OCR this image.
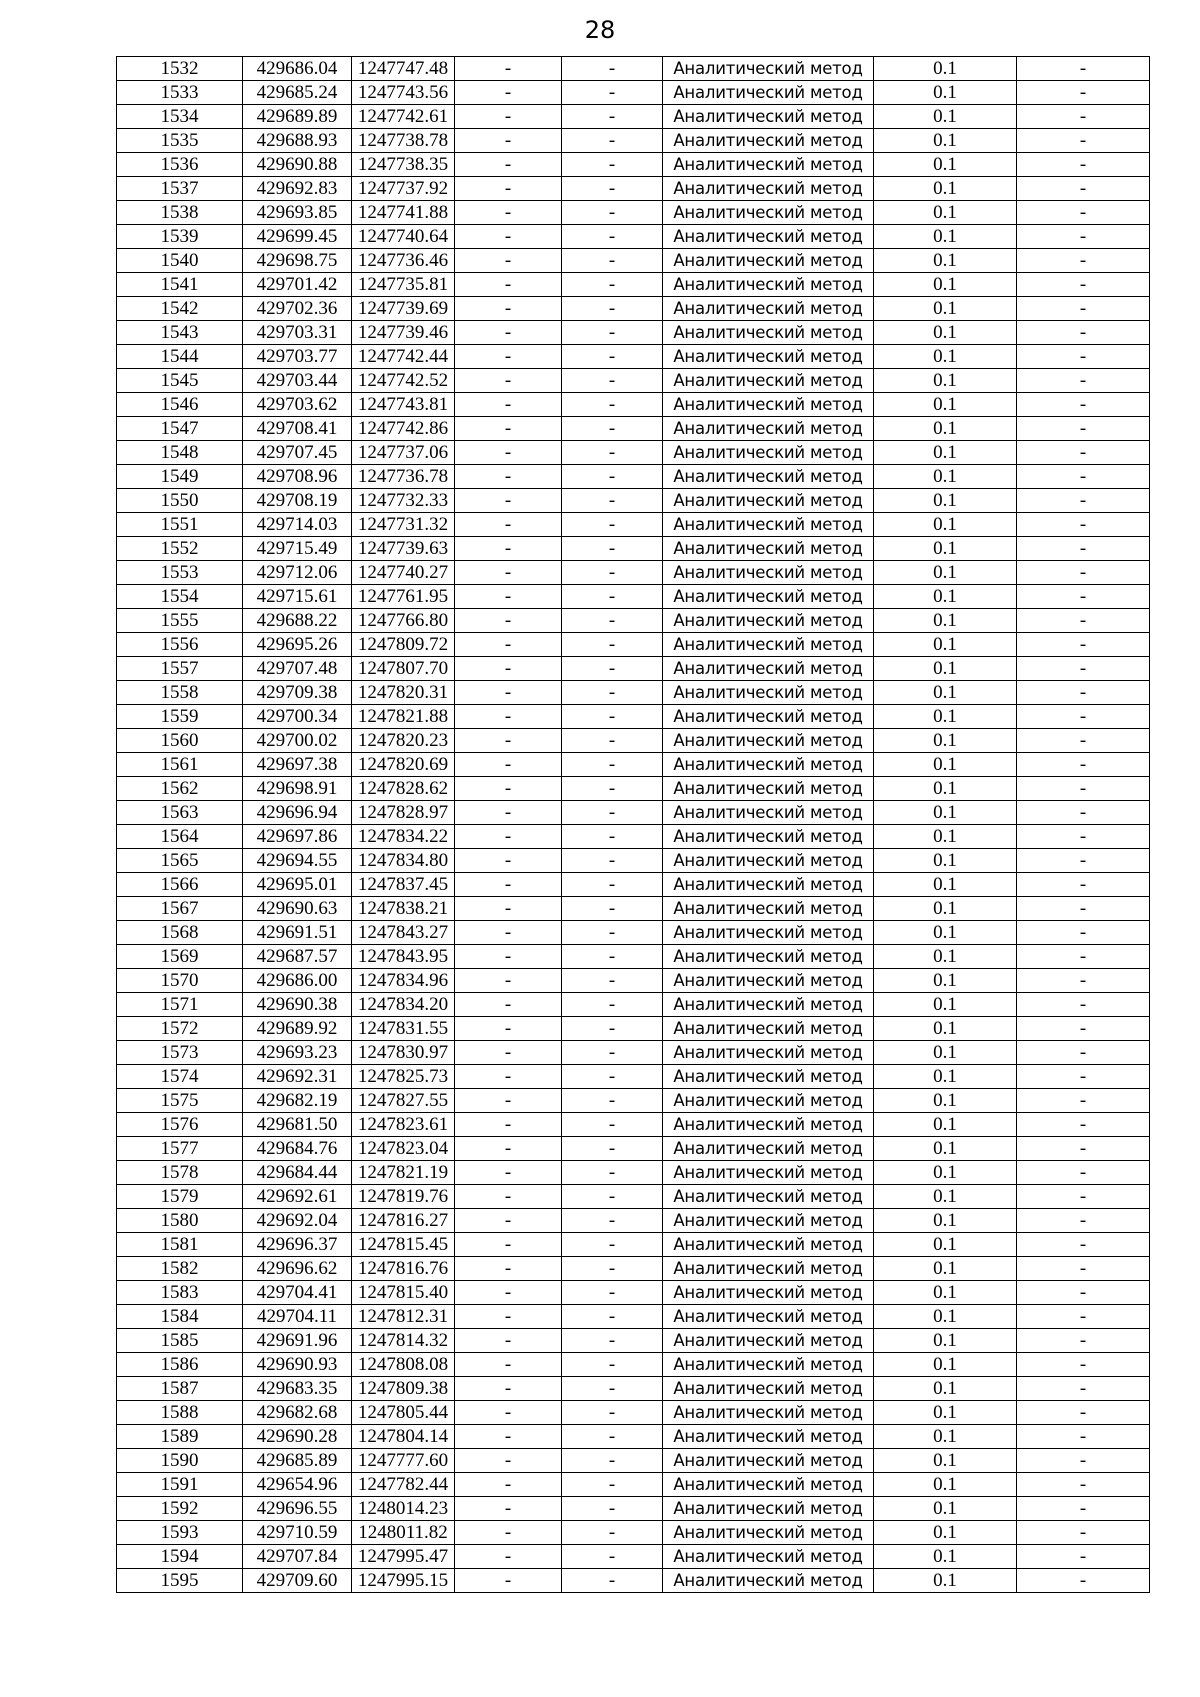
28
1532	429686.04	1247747.48	-	-	Аналитический метод	0.1	-
1533	429685.24	1247743.56	-	-	Аналитический метод	0.1	-
1534	429689.89	1247742.61	-	-	Аналитический метод	0.1	-
1535	429688.93	1247738.78	-	-	Аналитический метод	0.1	-
1536	429690.88	1247738.35	-	-	Аналитический метод	0.1	-
1537	429692.83	1247737.92	-	-	Аналитический метод	0.1	-
1538	429693.85	1247741.88	-	-	Аналитический метод	0.1	-
1539	429699.45	1247740.64	-	-	Аналитический метод	0.1	-
1540	429698.75	1247736.46	-	-	Аналитический метод	0.1	-
1541	429701.42	1247735.81	-	-	Аналитический метод	0.1	-
1542	429702.36	1247739.69	-	-	Аналитический метод	0.1	-
1543	429703.31	1247739.46	-	-	Аналитический метод	0.1	-
1544	429703.77	1247742.44	-	-	Аналитический метод	0.1	-
1545	429703.44	1247742.52	-	-	Аналитический метод	0.1	-
1546	429703.62	1247743.81	-	-	Аналитический метод	0.1	-
1547	429708.41	1247742.86	-	-	Аналитический метод	0.1	-
1548	429707.45	1247737.06	-	-	Аналитический метод	0.1	-
1549	429708.96	1247736.78	-	-	Аналитический метод	0.1	-
1550	429708.19	1247732.33	-	-	Аналитический метод	0.1	-
1551	429714.03	1247731.32	-	-	Аналитический метод	0.1	-
1552	429715.49	1247739.63	-	-	Аналитический метод	0.1	-
1553	429712.06	1247740.27	-	-	Аналитический метод	0.1	-
1554	429715.61	1247761.95	-	-	Аналитический метод	0.1	-
1555	429688.22	1247766.80	-	-	Аналитический метод	0.1	-
1556	429695.26	1247809.72	-	-	Аналитический метод	0.1	-
1557	429707.48	1247807.70	-	-	Аналитический метод	0.1	-
1558	429709.38	1247820.31	-	-	Аналитический метод	0.1	-
1559	429700.34	1247821.88	-	-	Аналитический метод	0.1	-
1560	429700.02	1247820.23	-	-	Аналитический метод	0.1	-
1561	429697.38	1247820.69	-	-	Аналитический метод	0.1	-
1562	429698.91	1247828.62	-	-	Аналитический метод	0.1	-
1563	429696.94	1247828.97	-	-	Аналитический метод	0.1	-
1564	429697.86	1247834.22	-	-	Аналитический метод	0.1	-
1565	429694.55	1247834.80	-	-	Аналитический метод	0.1	-
1566	429695.01	1247837.45	-	-	Аналитический метод	0.1	-
1567	429690.63	1247838.21	-	-	Аналитический метод	0.1	-
1568	429691.51	1247843.27	-	-	Аналитический метод	0.1	-
1569	429687.57	1247843.95	-	-	Аналитический метод	0.1	-
1570	429686.00	1247834.96	-	-	Аналитический метод	0.1	-
1571	429690.38	1247834.20	-	-	Аналитический метод	0.1	-
1572	429689.92	1247831.55	-	-	Аналитический метод	0.1	-
1573	429693.23	1247830.97	-	-	Аналитический метод	0.1	-
1574	429692.31	1247825.73	-	-	Аналитический метод	0.1	-
1575	429682.19	1247827.55	-	-	Аналитический метод	0.1	-
1576	429681.50	1247823.61	-	-	Аналитический метод	0.1	-
1577	429684.76	1247823.04	-	-	Аналитический метод	0.1	-
1578	429684.44	1247821.19	-	-	Аналитический метод	0.1	-
1579	429692.61	1247819.76	-	-	Аналитический метод	0.1	-
1580	429692.04	1247816.27	-	-	Аналитический метод	0.1	-
1581	429696.37	1247815.45	-	-	Аналитический метод	0.1	-
1582	429696.62	1247816.76	-	-	Аналитический метод	0.1	-
1583	429704.41	1247815.40	-	-	Аналитический метод	0.1	-
1584	429704.11	1247812.31	-	-	Аналитический метод	0.1	-
1585	429691.96	1247814.32	-	-	Аналитический метод	0.1	-
1586	429690.93	1247808.08	-	-	Аналитический метод	0.1	-
1587	429683.35	1247809.38	-	-	Аналитический метод	0.1	-
1588	429682.68	1247805.44	-	-	Аналитический метод	0.1	-
1589	429690.28	1247804.14	-	-	Аналитический метод	0.1	-
1590	429685.89	1247777.60	-	-	Аналитический метод	0.1	-
1591	429654.96	1247782.44	-	-	Аналитический метод	0.1	-
1592	429696.55	1248014.23	-	-	Аналитический метод	0.1	-
1593	429710.59	1248011.82	-	-	Аналитический метод	0.1	-
1594	429707.84	1247995.47	-	-	Аналитический метод	0.1	-
1595	429709.60	1247995.15	-	-	Аналитический метод	0.1	-
